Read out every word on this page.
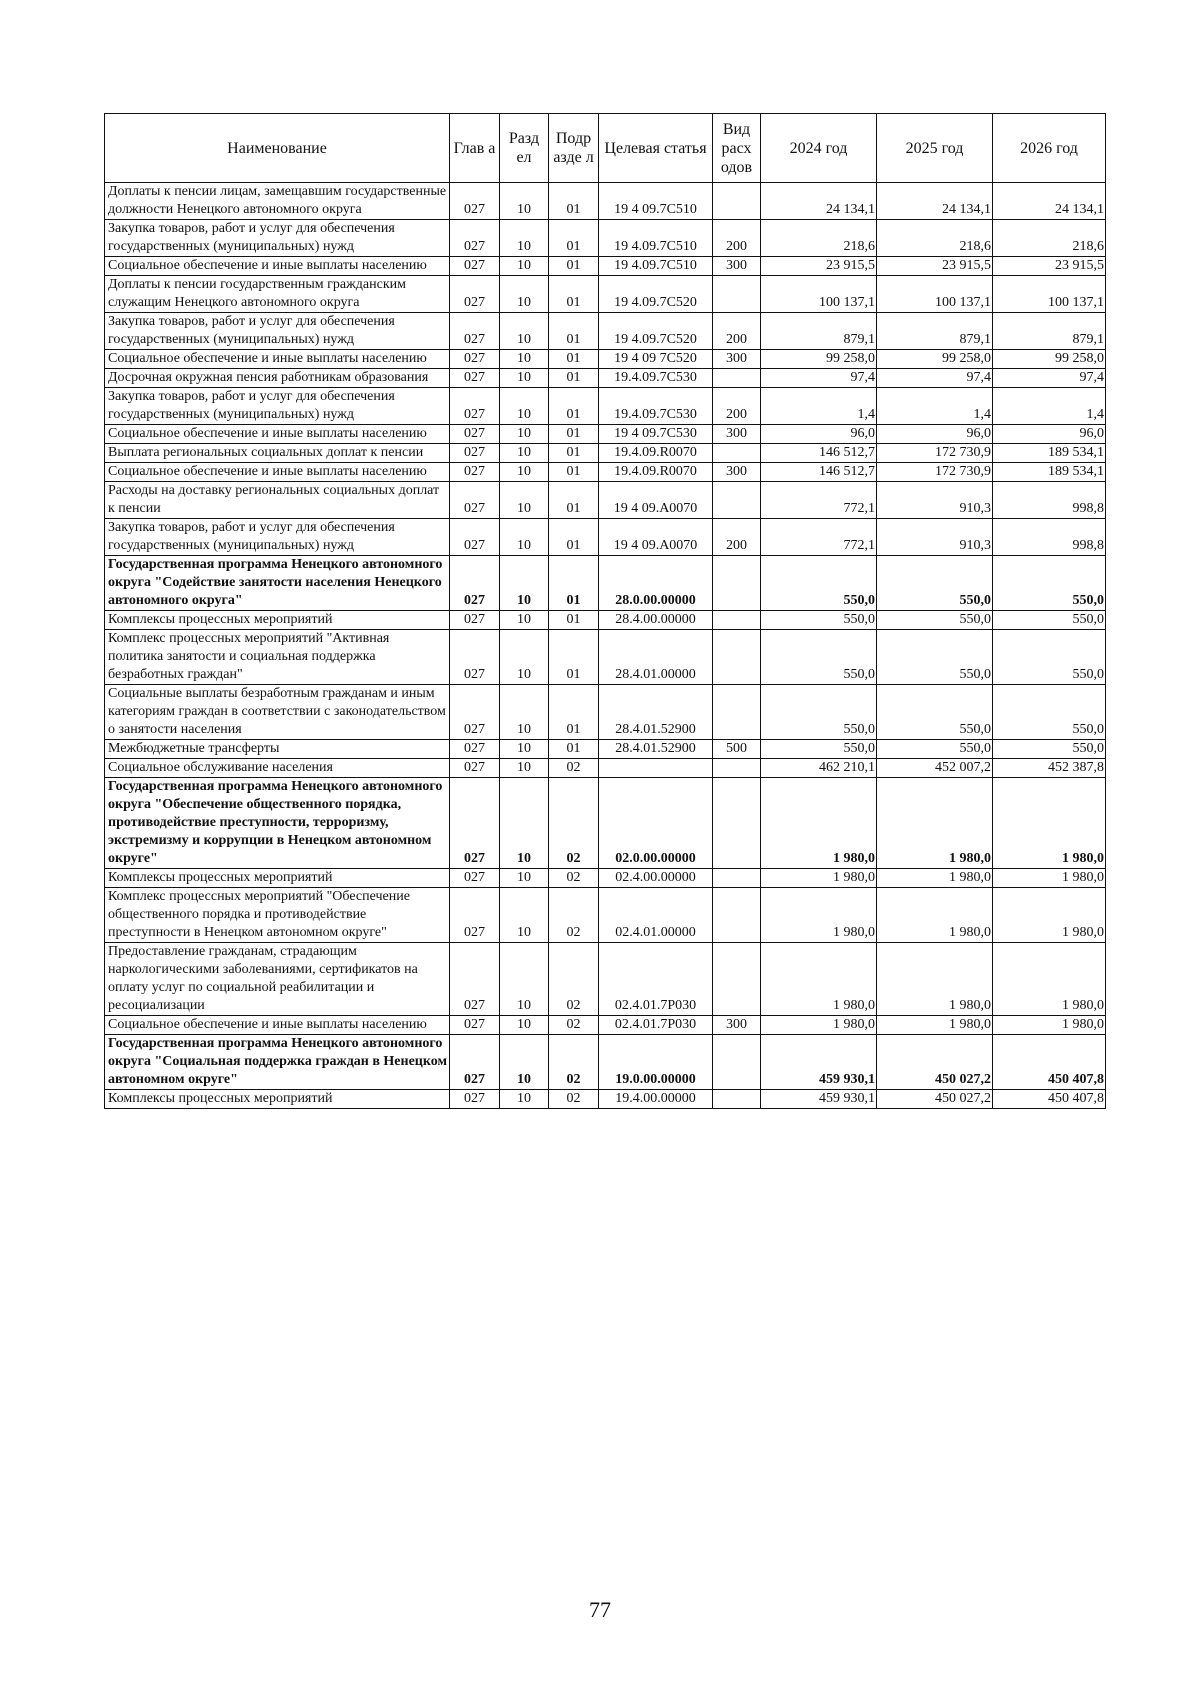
Наименование	Глав а	Разд ел	Подр азде л	Целевая статья	Вид расх одов	2024 год	2025 год	2026 год
Доплаты к пенсии лицам, замещавшим государственные должности Ненецкого автономного округа	027	10	01	19 4 09.7С510		24 134,1	24 134,1	24 134,1
Закупка товаров, работ и услуг для обеспечения государственных (муниципальных) нужд	027	10	01	19 4.09.7С510	200	218,6	218,6	218,6
Социальное обеспечение и иные выплаты населению	027	10	01	19 4.09.7С510	300	23 915,5	23 915,5	23 915,5
Доплаты к пенсии государственным гражданским служащим Ненецкого автономного округа	027	10	01	19 4.09.7С520		100 137,1	100 137,1	100 137,1
Закупка товаров, работ и услуг для обеспечения государственных (муниципальных) нужд	027	10	01	19 4.09.7С520	200	879,1	879,1	879,1
Социальное обеспечение и иные выплаты населению	027	10	01	19 4 09 7С520	300	99 258,0	99 258,0	99 258,0
Досрочная окружная пенсия работникам образования	027	10	01	19.4.09.7С530		97,4	97,4	97,4
Закупка товаров, работ и услуг для обеспечения государственных (муниципальных) нужд	027	10	01	19.4.09.7С530	200	1,4	1,4	1,4
Социальное обеспечение и иные выплаты населению	027	10	01	19 4 09.7С530	300	96,0	96,0	96,0
Выплата региональных социальных доплат к пенсии	027	10	01	19.4.09.R0070		146 512,7	172 730,9	189 534,1
Социальное обеспечение и иные выплаты населению	027	10	01	19.4.09.R0070	300	146 512,7	172 730,9	189 534,1
Расходы на доставку региональных социальных доплат к пенсии	027	10	01	19 4 09.А0070		772,1	910,3	998,8
Закупка товаров, работ и услуг для обеспечения государственных (муниципальных) нужд	027	10	01	19 4 09.А0070	200	772,1	910,3	998,8
Государственная программа Ненецкого автономного округа "Содействие занятости населения Ненецкого автономного округа"	027	10	01	28.0.00.00000		550,0	550,0	550,0
Комплексы процессных мероприятий	027	10	01	28.4.00.00000		550,0	550,0	550,0
Комплекс процессных мероприятий "Активная политика занятости и социальная поддержка безработных граждан"	027	10	01	28.4.01.00000		550,0	550,0	550,0
Социальные выплаты безработным гражданам и иным категориям граждан в соответствии с законодательством о занятости населения	027	10	01	28.4.01.52900		550,0	550,0	550,0
Межбюджетные трансферты	027	10	01	28.4.01.52900	500	550,0	550,0	550,0
Социальное обслуживание населения	027	10	02			462 210,1	452 007,2	452 387,8
Государственная программа Ненецкого автономного округа "Обеспечение общественного порядка, противодействие преступности, терроризму, экстремизму и коррупции в Ненецком автономном округе"	027	10	02	02.0.00.00000		1 980,0	1 980,0	1 980,0
Комплексы процессных мероприятий	027	10	02	02.4.00.00000		1 980,0	1 980,0	1 980,0
Комплекс процессных мероприятий "Обеспечение общественного порядка и противодействие преступности в Ненецком автономном округе"	027	10	02	02.4.01.00000		1 980,0	1 980,0	1 980,0
Предоставление гражданам, страдающим наркологическими заболеваниями, сертификатов на оплату услуг по социальной реабилитации и ресоциализации	027	10	02	02.4.01.7Р030		1 980,0	1 980,0	1 980,0
Социальное обеспечение и иные выплаты населению	027	10	02	02.4.01.7Р030	300	1 980,0	1 980,0	1 980,0
Государственная программа Ненецкого автономного округа "Социальная поддержка граждан в Ненецком автономном округе"	027	10	02	19.0.00.00000		459 930,1	450 027,2	450 407,8
Комплексы процессных мероприятий	027	10	02	19.4.00.00000		459 930,1	450 027,2	450 407,8
77
